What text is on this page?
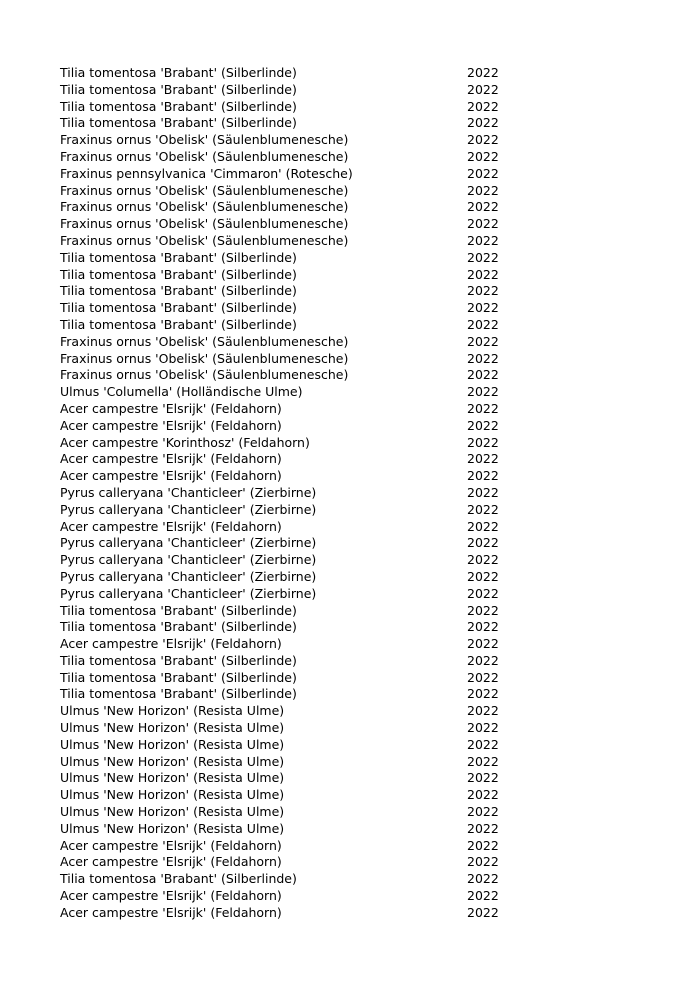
Tilia tomentosa 'Brabant' (Silberlinde)	2022
Tilia tomentosa 'Brabant' (Silberlinde)	2022
Tilia tomentosa 'Brabant' (Silberlinde)	2022
Tilia tomentosa 'Brabant' (Silberlinde)	2022
Fraxinus ornus 'Obelisk' (Säulenblumenesche)	2022
Fraxinus ornus 'Obelisk' (Säulenblumenesche)	2022
Fraxinus pennsylvanica 'Cimmaron' (Rotesche)	2022
Fraxinus ornus 'Obelisk' (Säulenblumenesche)	2022
Fraxinus ornus 'Obelisk' (Säulenblumenesche)	2022
Fraxinus ornus 'Obelisk' (Säulenblumenesche)	2022
Fraxinus ornus 'Obelisk' (Säulenblumenesche)	2022
Tilia tomentosa 'Brabant' (Silberlinde)	2022
Tilia tomentosa 'Brabant' (Silberlinde)	2022
Tilia tomentosa 'Brabant' (Silberlinde)	2022
Tilia tomentosa 'Brabant' (Silberlinde)	2022
Tilia tomentosa 'Brabant' (Silberlinde)	2022
Fraxinus ornus 'Obelisk' (Säulenblumenesche)	2022
Fraxinus ornus 'Obelisk' (Säulenblumenesche)	2022
Fraxinus ornus 'Obelisk' (Säulenblumenesche)	2022
Ulmus 'Columella' (Holländische Ulme)	2022
Acer campestre 'Elsrijk' (Feldahorn)	2022
Acer campestre 'Elsrijk' (Feldahorn)	2022
Acer campestre 'Korinthosz' (Feldahorn)	2022
Acer campestre 'Elsrijk' (Feldahorn)	2022
Acer campestre 'Elsrijk' (Feldahorn)	2022
Pyrus calleryana 'Chanticleer' (Zierbirne)	2022
Pyrus calleryana 'Chanticleer' (Zierbirne)	2022
Acer campestre 'Elsrijk' (Feldahorn)	2022
Pyrus calleryana 'Chanticleer' (Zierbirne)	2022
Pyrus calleryana 'Chanticleer' (Zierbirne)	2022
Pyrus calleryana 'Chanticleer' (Zierbirne)	2022
Pyrus calleryana 'Chanticleer' (Zierbirne)	2022
Tilia tomentosa 'Brabant' (Silberlinde)	2022
Tilia tomentosa 'Brabant' (Silberlinde)	2022
Acer campestre 'Elsrijk' (Feldahorn)	2022
Tilia tomentosa 'Brabant' (Silberlinde)	2022
Tilia tomentosa 'Brabant' (Silberlinde)	2022
Tilia tomentosa 'Brabant' (Silberlinde)	2022
Ulmus 'New Horizon' (Resista Ulme)	2022
Ulmus 'New Horizon' (Resista Ulme)	2022
Ulmus 'New Horizon' (Resista Ulme)	2022
Ulmus 'New Horizon' (Resista Ulme)	2022
Ulmus 'New Horizon' (Resista Ulme)	2022
Ulmus 'New Horizon' (Resista Ulme)	2022
Ulmus 'New Horizon' (Resista Ulme)	2022
Ulmus 'New Horizon' (Resista Ulme)	2022
Acer campestre 'Elsrijk' (Feldahorn)	2022
Acer campestre 'Elsrijk' (Feldahorn)	2022
Tilia tomentosa 'Brabant' (Silberlinde)	2022
Acer campestre 'Elsrijk' (Feldahorn)	2022
Acer campestre 'Elsrijk' (Feldahorn)	2022
